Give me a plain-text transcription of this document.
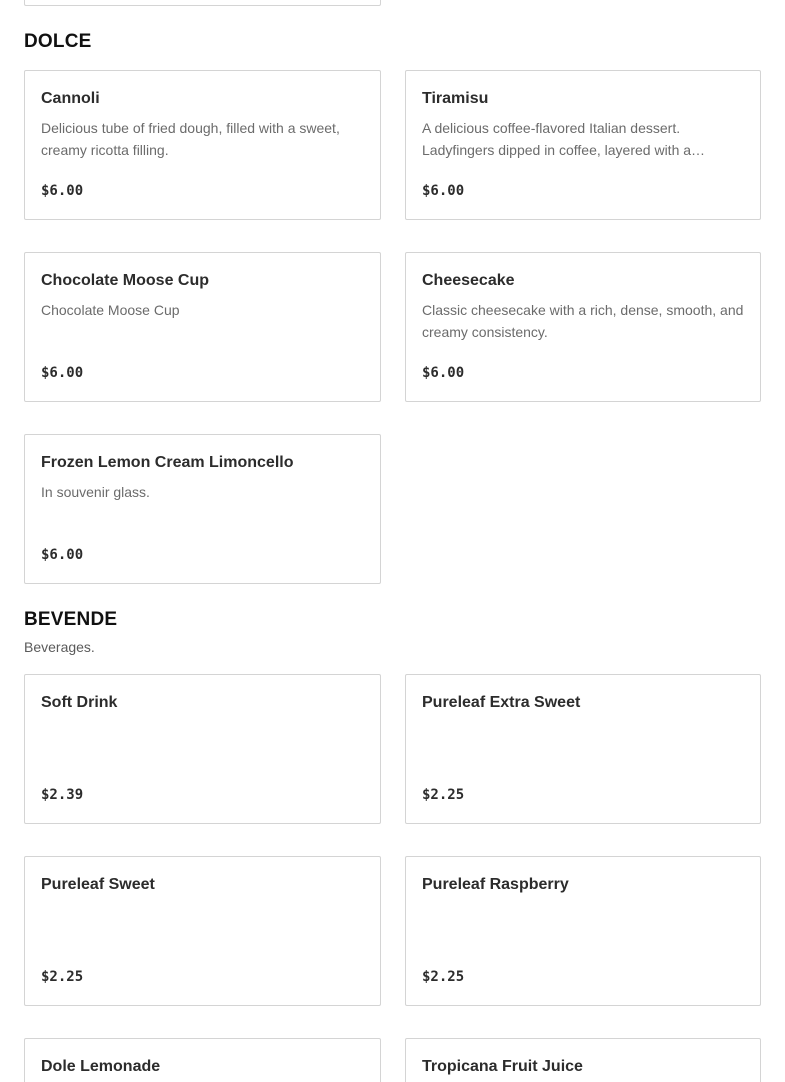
DOLCE
Cannoli
Delicious tube of fried dough, filled with a sweet, creamy ricotta filling.
$6.00
Tiramisu
A delicious coffee-flavored Italian dessert. Ladyfingers dipped in coffee, layered with a…
$6.00
Chocolate Moose Cup
Chocolate Moose Cup
$6.00
Cheesecake
Classic cheesecake with a rich, dense, smooth, and creamy consistency.
$6.00
Frozen Lemon Cream Limoncello
In souvenir glass.
$6.00
BEVENDE
Beverages.
Soft Drink
$2.39
Pureleaf Extra Sweet
$2.25
Pureleaf Sweet
$2.25
Pureleaf Raspberry
$2.25
Dole Lemonade	Tropicana Fruit Juice
